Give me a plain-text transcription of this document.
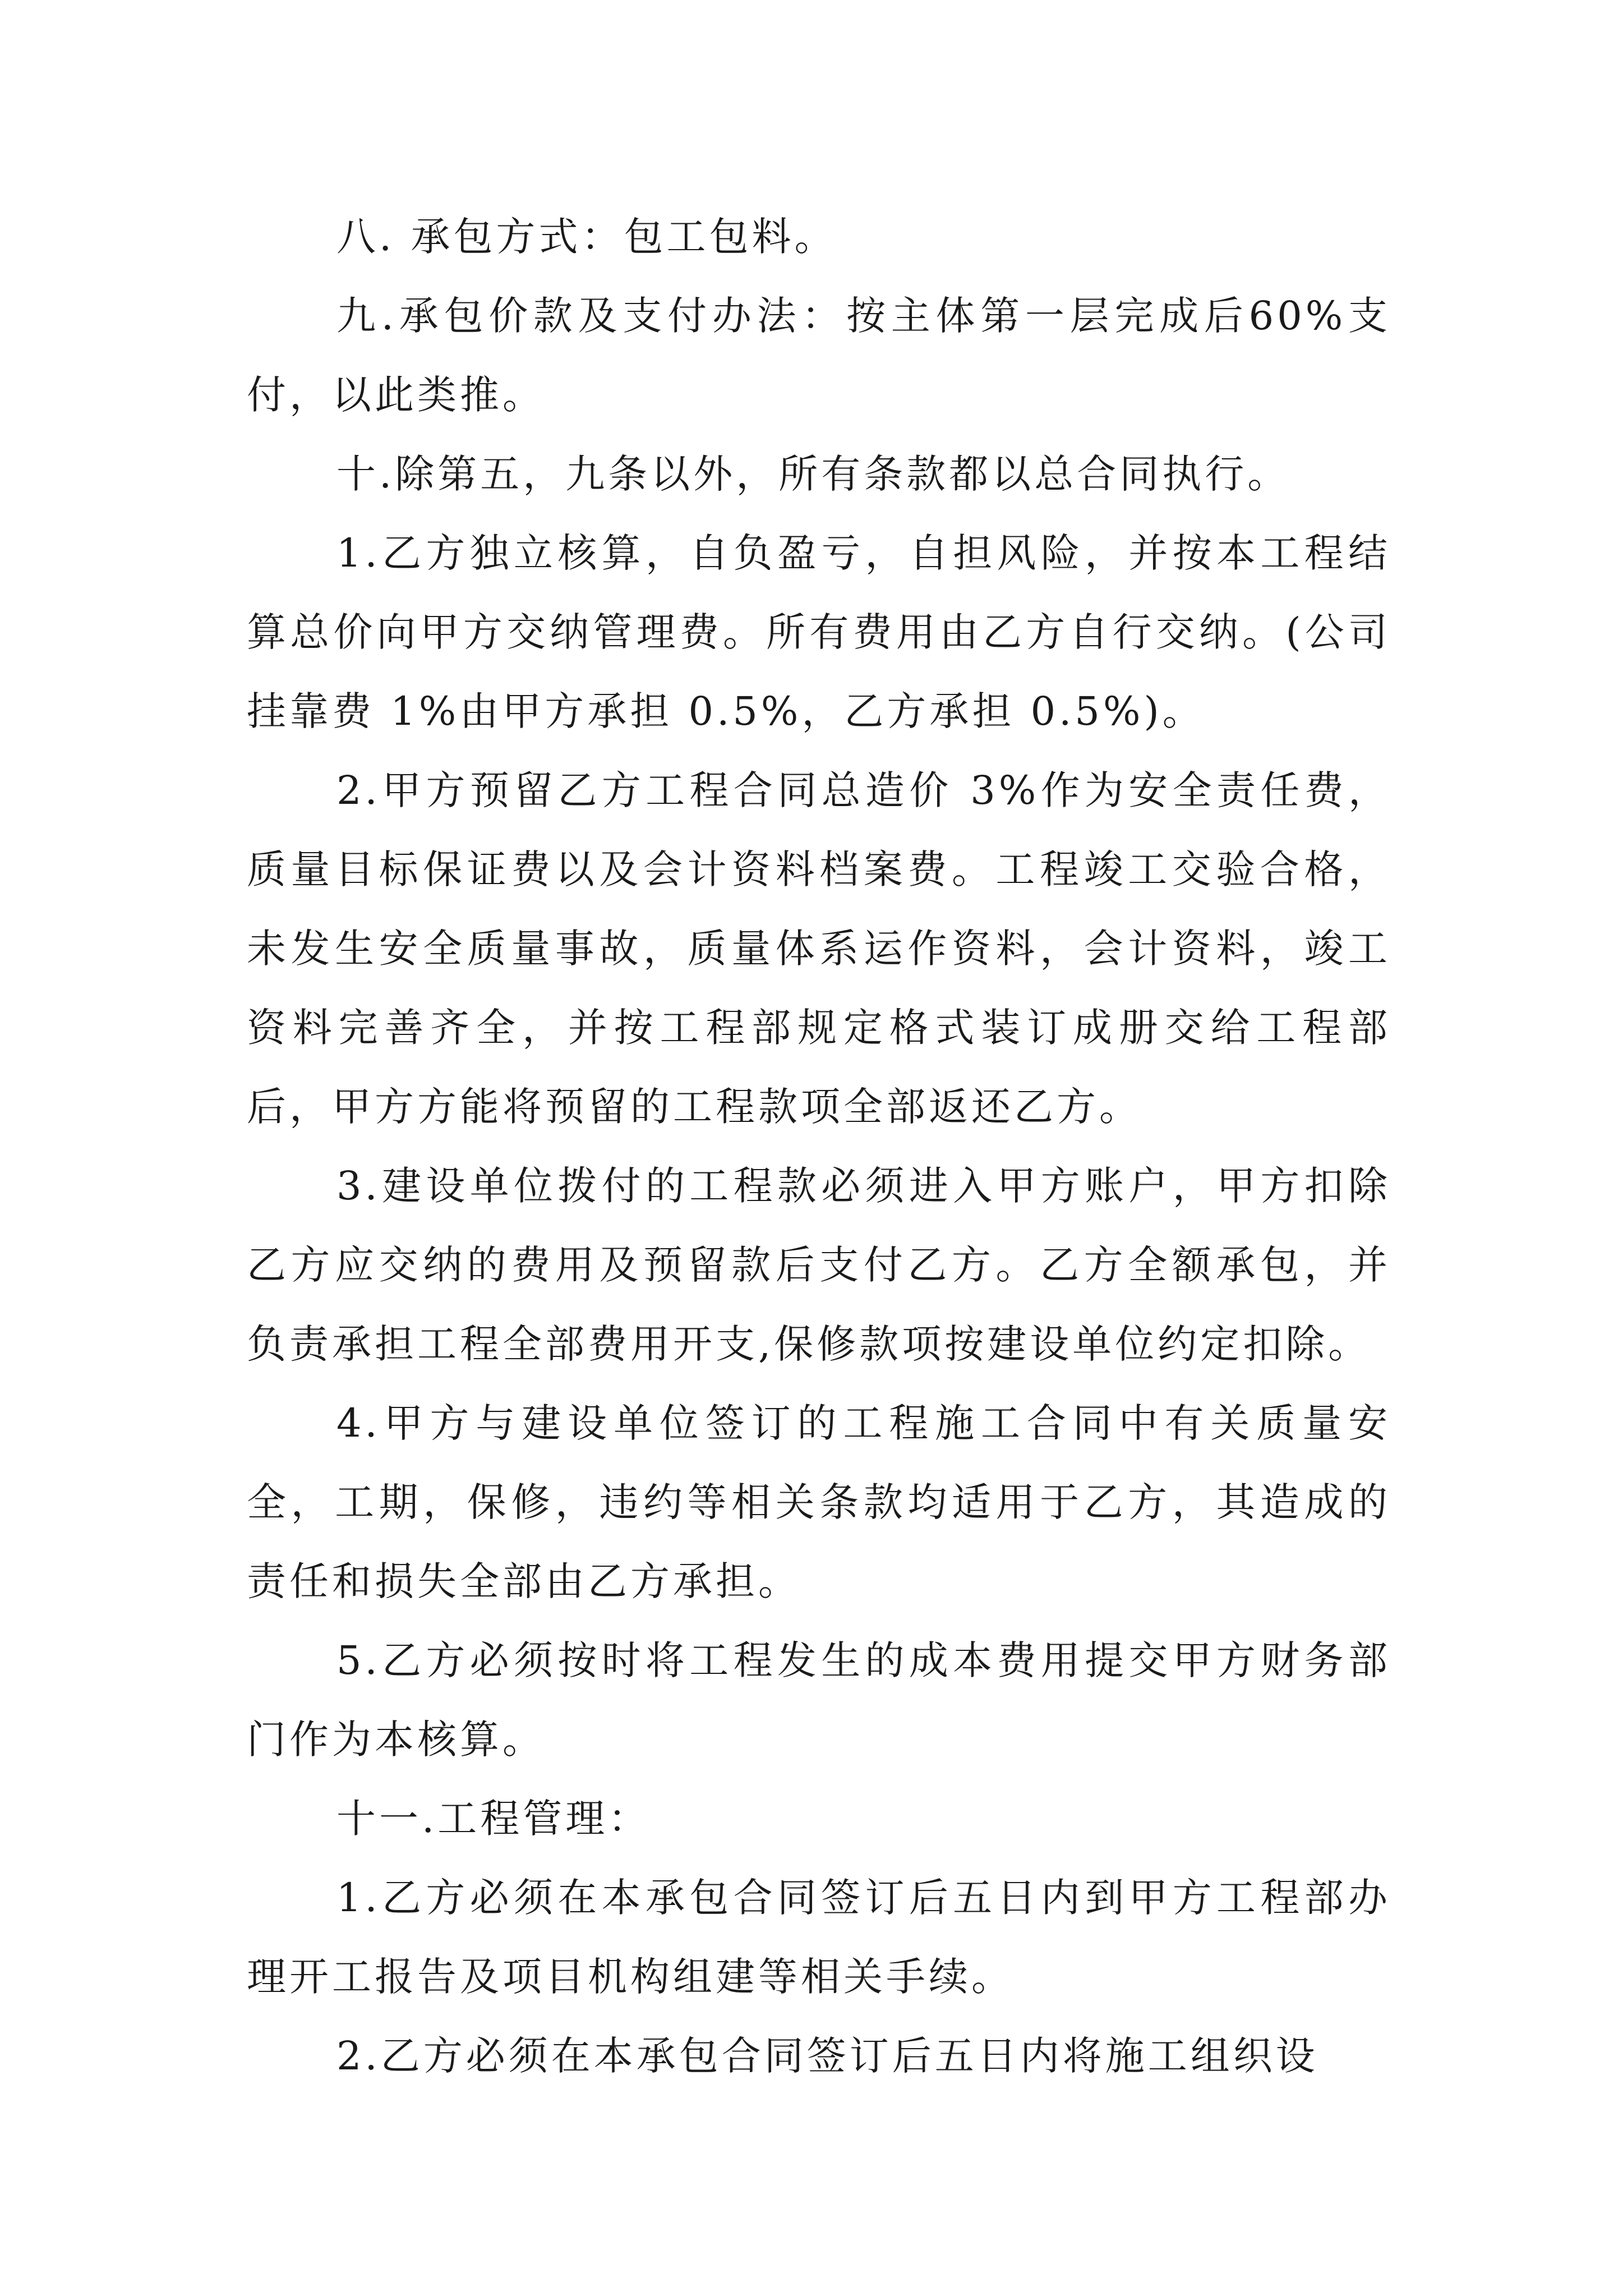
八. 承包方式：包工包料。

九.承包价款及支付办法：按主体第一层完成后60%支付，以此类推。

十.除第五，九条以外，所有条款都以总合同执行。

1.乙方独立核算，自负盈亏，自担风险，并按本工程结算总价向甲方交纳管理费。所有费用由乙方自行交纳。(公司挂靠费 1%由甲方承担 0.5%，乙方承担 0.5%)。

2.甲方预留乙方工程合同总造价 3%作为安全责任费，质量目标保证费以及会计资料档案费。工程竣工交验合格，未发生安全质量事故，质量体系运作资料，会计资料，竣工资料完善齐全，并按工程部规定格式装订成册交给工程部后，甲方方能将预留的工程款项全部返还乙方。

3.建设单位拨付的工程款必须进入甲方账户，甲方扣除乙方应交纳的费用及预留款后支付乙方。乙方全额承包，并负责承担工程全部费用开支,保修款项按建设单位约定扣除。

4.甲方与建设单位签订的工程施工合同中有关质量安全，工期，保修，违约等相关条款均适用于乙方，其造成的责任和损失全部由乙方承担。

5.乙方必须按时将工程发生的成本费用提交甲方财务部门作为本核算。

十一.工程管理：

1.乙方必须在本承包合同签订后五日内到甲方工程部办理开工报告及项目机构组建等相关手续。

2.乙方必须在本承包合同签订后五日内将施工组织设
